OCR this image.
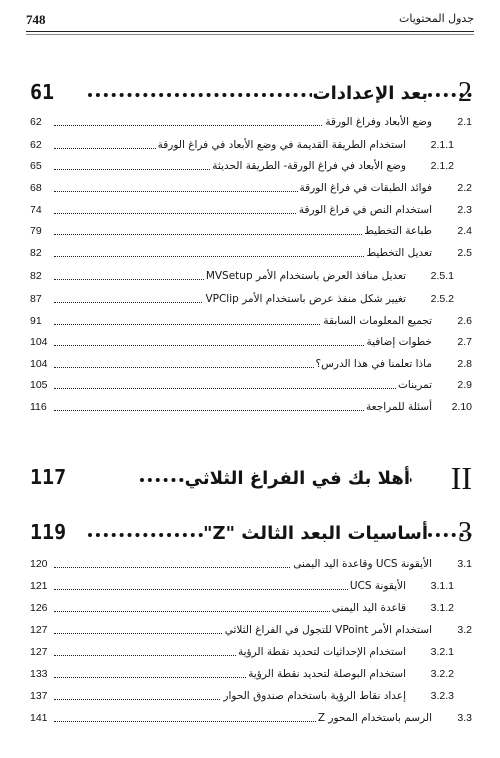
748	جدول المحتويات
2
بعد الإعدادات
61
2.1
وضع الأبعاد وفراغ الورقة
62
2.1.1
استخدام الطريقة القديمة في وضع الأبعاد في فراغ الورقة
62
2.1.2
وضع الأبعاد في فراغ الورقة- الطريقة الحديثة
65
2.2
فوائد الطبقات في فراغ الورقة
68
2.3
استخدام النص في فراغ الورقة
74
2.4
طباعة التخطيط
79
2.5
تعديل التخطيط
82
2.5.1
تعديل منافذ العرض باستخدام الأمر MVSetup
82
2.5.2
تغيير شكل منفذ عرض باستخدام الأمر VPClip
87
2.6
تجميع المعلومات السابقة
91
2.7
خطوات إضافية
104
2.8
ماذا تعلمنا في هذا الدرس؟
104
2.9
تمرينات
105
2.10
أسئلة للمراجعة
116
II
أهلا بك في الفراغ الثلاثي
117
3
أساسيات البعد الثالث "Z"
119
3.1
الأيقونة UCS وقاعدة اليد اليمنى
120
3.1.1
الأيقونة UCS
121
3.1.2
قاعدة اليد اليمنى
126
3.2
استخدام الأمر VPoint للتجول في الفراغ الثلاثي
127
3.2.1
استخدام الإحداثيات لتحديد نقطة الرؤية
127
3.2.2
استخدام البوصلة لتحديد نقطة الرؤية
133
3.2.3
إعداد نقاط الرؤية باستخدام صندوق الحوار
137
3.3
الرسم باستخدام المحور Z
141
